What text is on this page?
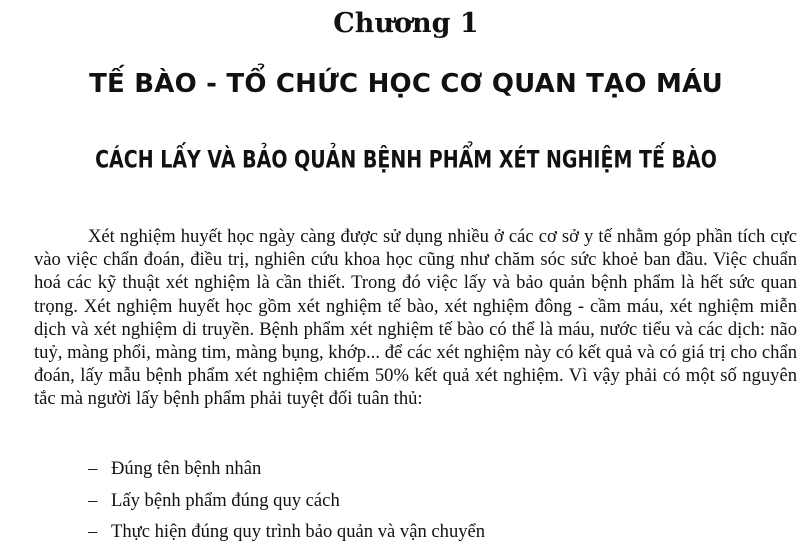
Chương 1
TẾ BÀO - TỔ CHỨC HỌC CƠ QUAN TẠO MÁU
CÁCH LẤY VÀ BẢO QUẢN BỆNH PHẨM XÉT NGHIỆM TẾ BÀO

Xét nghiệm huyết học ngày càng được sử dụng nhiều ở các cơ sở y tế nhằm góp phần tích cực vào việc chẩn đoán, điều trị, nghiên cứu khoa học cũng như chăm sóc sức khoẻ ban đầu. Việc chuẩn hoá các kỹ thuật xét nghiệm là cần thiết. Trong đó việc lấy và bảo quản bệnh phẩm là hết sức quan trọng. Xét nghiệm huyết học gồm xét nghiệm tế bào, xét nghiệm đông - cầm máu, xét nghiệm miễn dịch và xét nghiệm di truyền. Bệnh phẩm xét nghiệm tế bào có thể là máu, nước tiểu và các dịch: não tuỷ, màng phổi, màng tim, màng bụng, khớp... để các xét nghiệm này có kết quả và có giá trị cho chẩn đoán, lấy mẫu bệnh phẩm xét nghiệm chiếm 50% kết quả xét nghiệm. Vì vậy phải có một số nguyên tắc mà người lấy bệnh phẩm phải tuyệt đối tuân thủ:

– Đúng tên bệnh nhân
– Lấy bệnh phẩm đúng quy cách
– Thực hiện đúng quy trình bảo quản và vận chuyển
